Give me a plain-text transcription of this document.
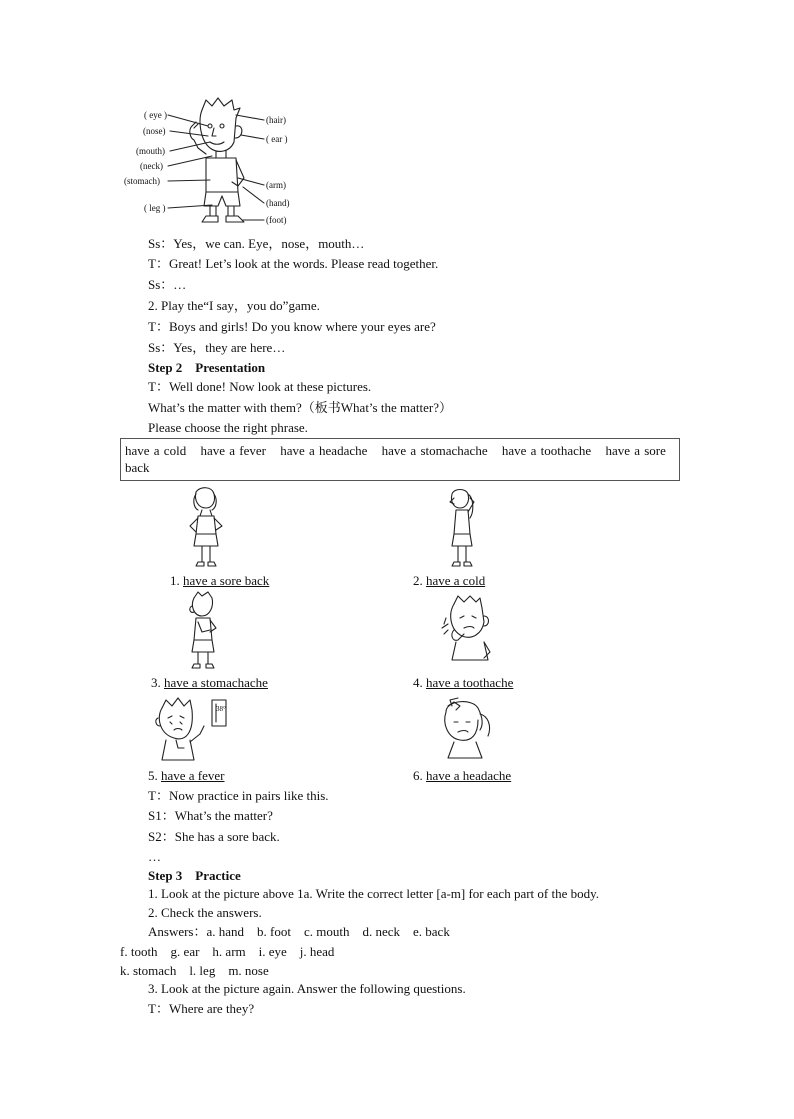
( eye )
(nose)
(mouth)
(neck)
(stomach)
( leg )
(hair)
( ear )
(arm)
(hand)
(foot)
Ss：Yes，we can. Eye，nose，mouth…
T：Great! Let’s look at the words. Please read together.
Ss：…
2. Play the“I say，you do”game.
T：Boys and girls! Do you know where your eyes are?
Ss：Yes，they are here…
Step 2　Presentation
T：Well done! Now look at these pictures.
What’s the matter with them?（板书What’s the matter?）
Please choose the right phrase.
have a cold have a fever have a headache have a stomachache have a toothache have a sore back
1. have a sore back	2. have a cold
3. have a stomachache	4. have a toothache
38°
5. have a fever	6. have a headache
T：Now practice in pairs like this.
S1：What’s the matter?
S2：She has a sore back.
…
Step 3　Practice
1. Look at the picture above 1a. Write the correct letter [a-m] for each part of the body.
2. Check the answers.
Answers：a. hand　b. foot　c. mouth　d. neck　e. back
f. tooth　g. ear　h. arm　i. eye　j. head
k. stomach　l. leg　m. nose
3. Look at the picture again. Answer the following questions.
T：Where are they?
